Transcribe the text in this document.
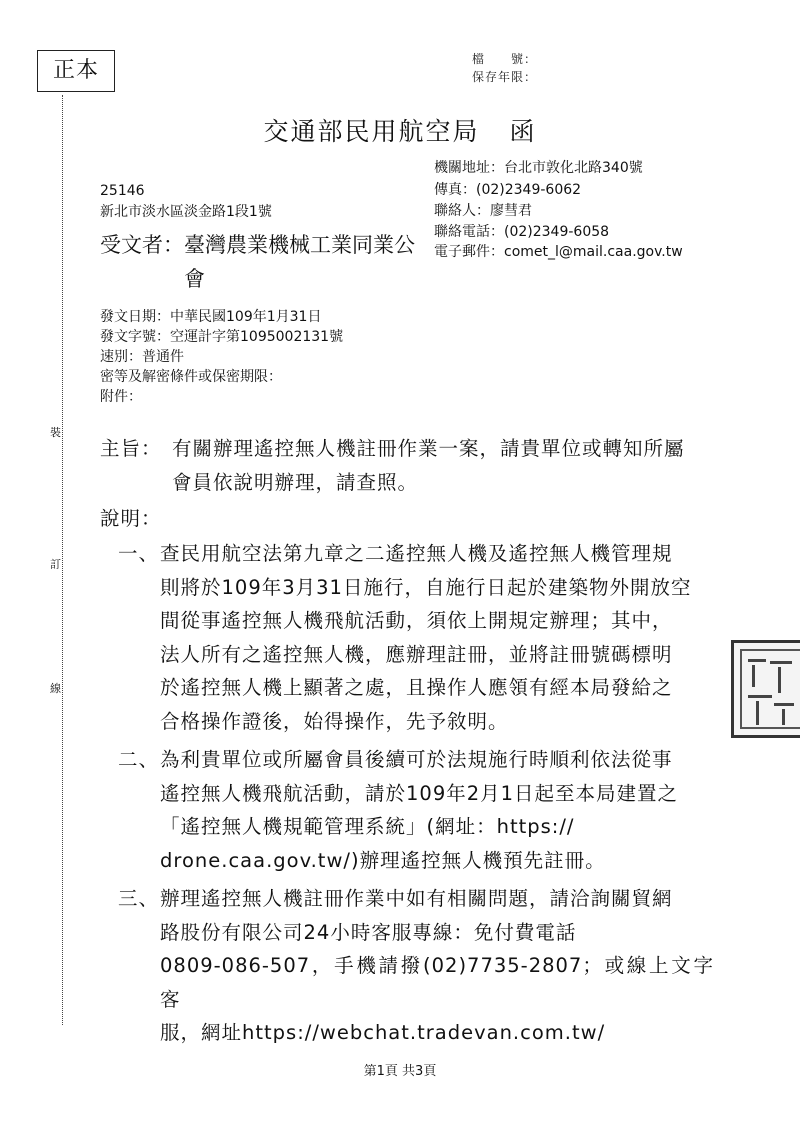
正本	檔　　號：
保存年限：
交通部民用航空局 函
機關地址：台北市敦化北路340號
傳真：(02)2349-6062
聯絡人：廖彗君
聯絡電話：(02)2349-6058
電子郵件：comet_l@mail.caa.gov.tw
25146
新北市淡水區淡金路1段1號
受文者：臺灣農業機械工業同業公
會
發文日期：中華民國109年1月31日
發文字號：空運計字第1095002131號
速別：普通件
密等及解密條件或保密期限：
附件：
裝
訂
線
主旨： 有關辦理遙控無人機註冊作業一案，請貴單位或轉知所屬
會員依說明辦理，請查照。
說明：
一、 查民用航空法第九章之二遙控無人機及遙控無人機管理規
則將於109年3月31日施行，自施行日起於建築物外開放空
間從事遙控無人機飛航活動，須依上開規定辦理；其中，
法人所有之遙控無人機，應辦理註冊，並將註冊號碼標明
於遙控無人機上顯著之處，且操作人應領有經本局發給之
合格操作證後，始得操作，先予敘明。
二、 為利貴單位或所屬會員後續可於法規施行時順利依法從事
遙控無人機飛航活動，請於109年2月1日起至本局建置之
「遙控無人機規範管理系統」(網址：https://
drone.caa.gov.tw/)辦理遙控無人機預先註冊。
三、 辦理遙控無人機註冊作業中如有相關問題，請洽詢關貿網
路股份有限公司24小時客服專線：免付費電話
0809-086-507，手機請撥(02)7735-2807；或線上文字客
服，網址https://webchat.tradevan.com.tw/
第1頁 共3頁
